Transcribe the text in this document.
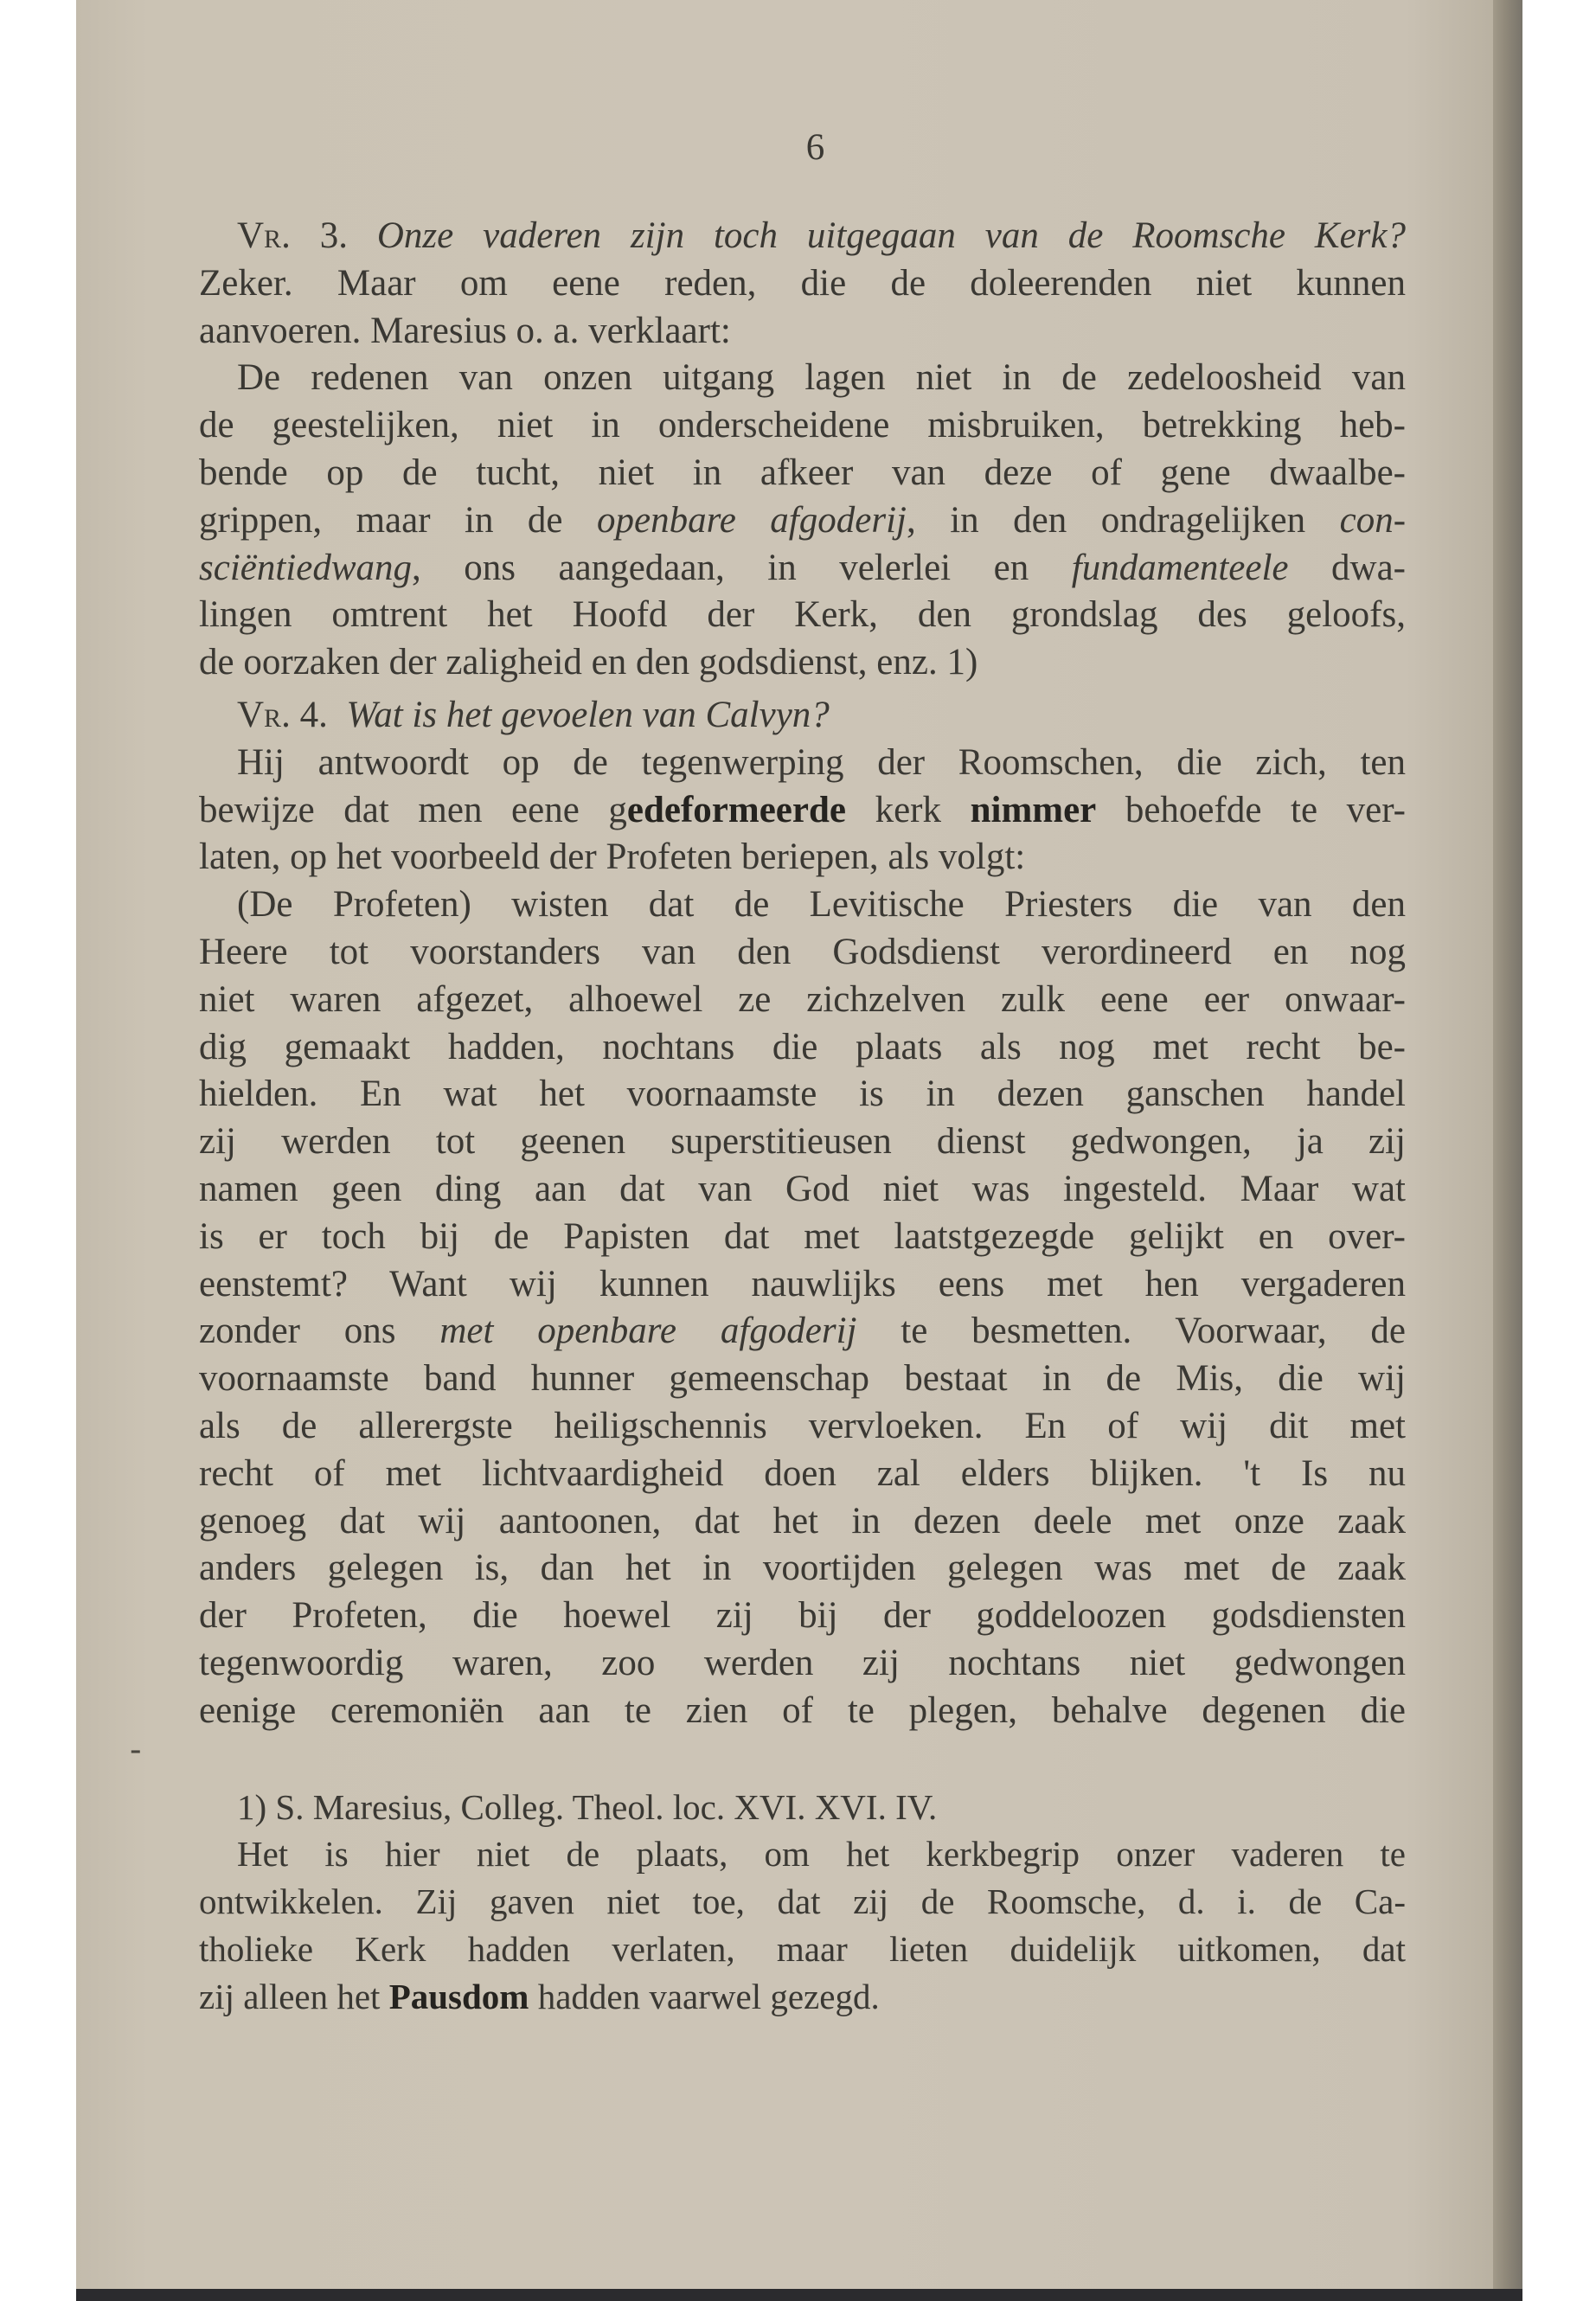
6
Vr. 3. Onze vaderen zijn toch uitgegaan van de Roomsche Kerk?
Zeker. Maar om eene reden, die de doleerenden niet kunnen
aanvoeren. Maresius o. a. verklaart:
De redenen van onzen uitgang lagen niet in de zedeloosheid van
de geestelijken, niet in onderscheidene misbruiken, betrekking heb-
bende op de tucht, niet in afkeer van deze of gene dwaalbe-
grippen, maar in de openbare afgoderij, in den ondragelijken con-
sciëntiedwang, ons aangedaan, in velerlei en fundamenteele dwa-
lingen omtrent het Hoofd der Kerk, den grondslag des geloofs,
de oorzaken der zaligheid en den godsdienst, enz. 1)
Vr. 4. Wat is het gevoelen van Calvyn?
Hij antwoordt op de tegenwerping der Roomschen, die zich, ten
bewijze dat men eene gedeformeerde kerk nimmer behoefde te ver-
laten, op het voorbeeld der Profeten beriepen, als volgt:
(De Profeten) wisten dat de Levitische Priesters die van den
Heere tot voorstanders van den Godsdienst verordineerd en nog
niet waren afgezet, alhoewel ze zichzelven zulk eene eer onwaar-
dig gemaakt hadden, nochtans die plaats als nog met recht be-
hielden. En wat het voornaamste is in dezen ganschen handel
zij werden tot geenen superstitieusen dienst gedwongen, ja zij
namen geen ding aan dat van God niet was ingesteld. Maar wat
is er toch bij de Papisten dat met laatstgezegde gelijkt en over-
eenstemt? Want wij kunnen nauwlijks eens met hen vergaderen
zonder ons met openbare afgoderij te besmetten. Voorwaar, de
voornaamste band hunner gemeenschap bestaat in de Mis, die wij
als de allerergste heiligschennis vervloeken. En of wij dit met
recht of met lichtvaardigheid doen zal elders blijken. 't Is nu
genoeg dat wij aantoonen, dat het in dezen deele met onze zaak
anders gelegen is, dan het in voortijden gelegen was met de zaak
der Profeten, die hoewel zij bij der goddeloozen godsdiensten
tegenwoordig waren, zoo werden zij nochtans niet gedwongen
eenige ceremoniën aan te zien of te plegen, behalve degenen die
1) S. Maresius, Colleg. Theol. loc. XVI. XVI. IV.
Het is hier niet de plaats, om het kerkbegrip onzer vaderen te
ontwikkelen. Zij gaven niet toe, dat zij de Roomsche, d. i. de Ca-
tholieke Kerk hadden verlaten, maar lieten duidelijk uitkomen, dat
zij alleen het Pausdom hadden vaarwel gezegd.
-
